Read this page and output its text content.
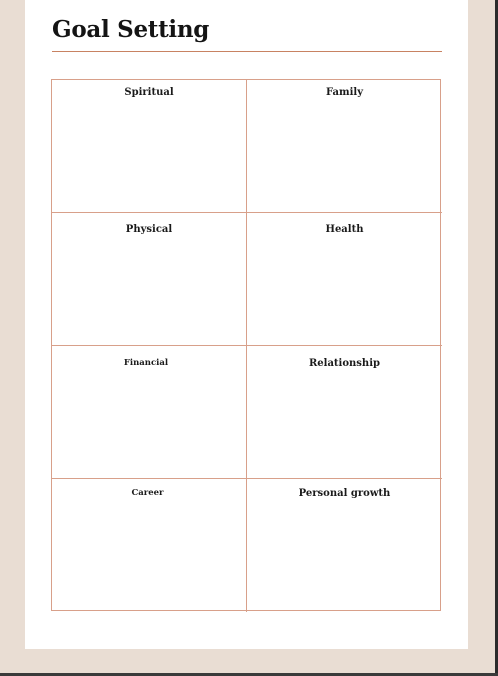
Goal Setting
Spiritual	Family
Physical	Health
Financial	Relationship
Career	Personal growth
